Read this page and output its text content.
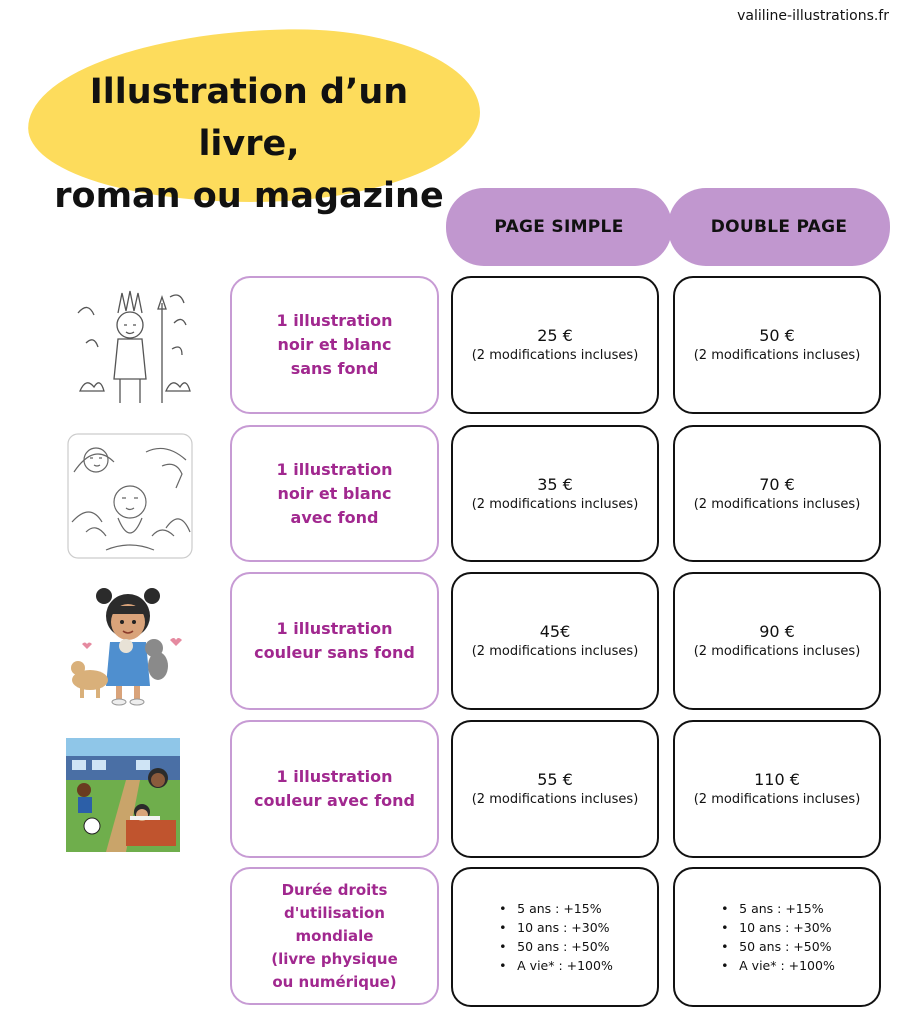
valiline-illustrations.fr
Illustration d’un livre,
roman ou magazine
PAGE SIMPLE	DOUBLE PAGE
1 illustration
noir et blanc
sans fond
25 €
(2 modifications incluses)
50 €
(2 modifications incluses)
1 illustration
noir et blanc
avec fond
35 €
(2 modifications incluses)
70 €
(2 modifications incluses)
1 illustration
couleur sans fond
45€
(2 modifications incluses)
90 €
(2 modifications incluses)
1 illustration
couleur avec fond
55 €
(2 modifications incluses)
110 €
(2 modifications incluses)
Durée droits
d'utilisation
mondiale
(livre physique
ou numérique)
• 5 ans : +15%
• 10 ans : +30%
• 50 ans : +50%
• A vie* : +100%
• 5 ans : +15%
• 10 ans : +30%
• 50 ans : +50%
• A vie* : +100%
